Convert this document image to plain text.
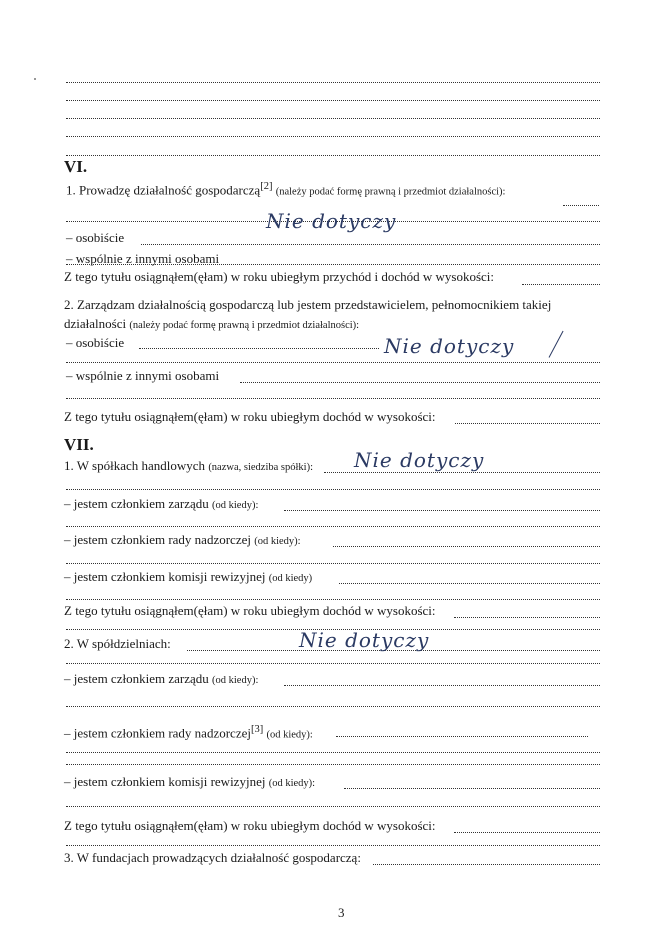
VI.
1. Prowadzę działalność gospodarczą[2] (należy podać formę prawną i przedmiot działalności):
Nie dotyczy
– osobiście
– wspólnie z innymi osobami
Z tego tytułu osiągnąłem(ęłam) w roku ubiegłym przychód i dochód w wysokości:
2. Zarządzam działalnością gospodarczą lub jestem przedstawicielem, pełnomocnikiem takiej
działalności (należy podać formę prawną i przedmiot działalności):
– osobiście	Nie dotyczy
– wspólnie z innymi osobami
Z tego tytułu osiągnąłem(ęłam) w roku ubiegłym dochód w wysokości:
VII.
1. W spółkach handlowych (nazwa, siedziba spółki): Nie dotyczy
– jestem członkiem zarządu (od kiedy):
– jestem członkiem rady nadzorczej (od kiedy):
– jestem członkiem komisji rewizyjnej (od kiedy)
Z tego tytułu osiągnąłem(ęłam) w roku ubiegłym dochód w wysokości:
2. W spółdzielniach:	Nie dotyczy
– jestem członkiem zarządu (od kiedy):
– jestem członkiem rady nadzorczej[3] (od kiedy):
– jestem członkiem komisji rewizyjnej (od kiedy):
Z tego tytułu osiągnąłem(ęłam) w roku ubiegłym dochód w wysokości:
3. W fundacjach prowadzących działalność gospodarczą:
3
